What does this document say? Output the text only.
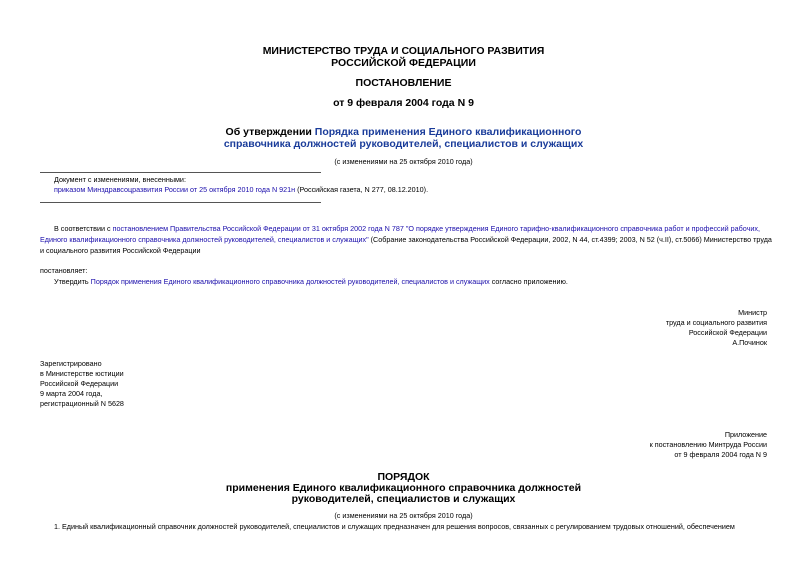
МИНИСТЕРСТВО ТРУДА И СОЦИАЛЬНОГО РАЗВИТИЯ
РОССИЙСКОЙ ФЕДЕРАЦИИ
ПОСТАНОВЛЕНИЕ
от 9 февраля 2004 года N 9
Об утверждении Порядка применения Единого квалификационного
справочника должностей руководителей, специалистов и служащих
(с изменениями на 25 октября 2010 года)
Документ с изменениями, внесенными:
приказом Минздравсоцразвития России от 25 октября 2010 года N 921н (Российская газета, N 277, 08.12.2010).
В соответствии с постановлением Правительства Российской Федерации от 31 октября 2002 года N 787 "О порядке утверждения Единого тарифно-квалификационного справочника работ и профессий рабочих,
Единого квалификационного справочника должностей руководителей, специалистов и служащих" (Собрание законодательства Российской Федерации, 2002, N 44, ст.4399; 2003, N 52 (ч.II), ст.5066) Министерство труда
и социального развития Российской Федерации
постановляет:
Утвердить Порядок применения Единого квалификационного справочника должностей руководителей, специалистов и служащих согласно приложению.
Министр
труда и социального развития
Российской Федерации
А.Починок
Зарегистрировано
в Министерстве юстиции
Российской Федерации
9 марта 2004 года,
регистрационный N 5628
Приложение
к постановлению Минтруда России
от 9 февраля 2004 года N 9
ПОРЯДОК
применения Единого квалификационного справочника должностей
руководителей, специалистов и служащих
(с изменениями на 25 октября 2010 года)
1. Единый квалификационный справочник должностей руководителей, специалистов и служащих предназначен для решения вопросов, связанных с регулированием трудовых отношений, обеспечением
